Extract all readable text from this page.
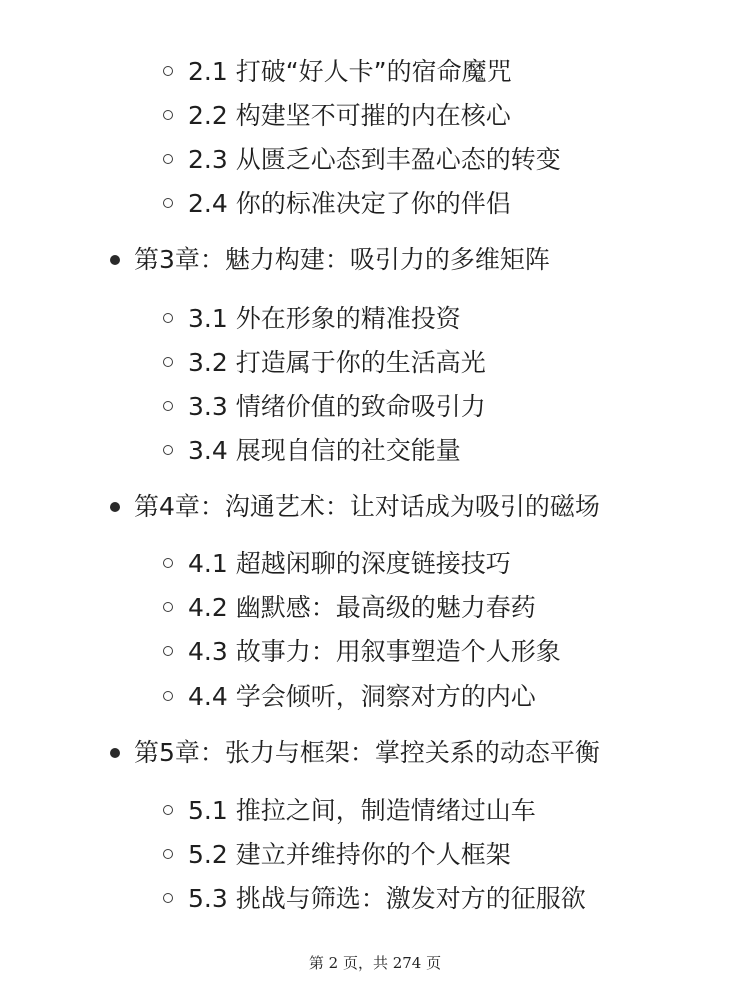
2.1 打破“好人卡”的宿命魔咒
2.2 构建坚不可摧的内在核心
2.3 从匮乏心态到丰盈心态的转变
2.4 你的标准决定了你的伴侣
第3章：魅力构建：吸引力的多维矩阵
3.1 外在形象的精准投资
3.2 打造属于你的生活高光
3.3 情绪价值的致命吸引力
3.4 展现自信的社交能量
第4章：沟通艺术：让对话成为吸引的磁场
4.1 超越闲聊的深度链接技巧
4.2 幽默感：最高级的魅力春药
4.3 故事力：用叙事塑造个人形象
4.4 学会倾听，洞察对方的内心
第5章：张力与框架：掌控关系的动态平衡
5.1 推拉之间，制造情绪过山车
5.2 建立并维持你的个人框架
5.3 挑战与筛选：激发对方的征服欲
第 2 页，共 274 页
